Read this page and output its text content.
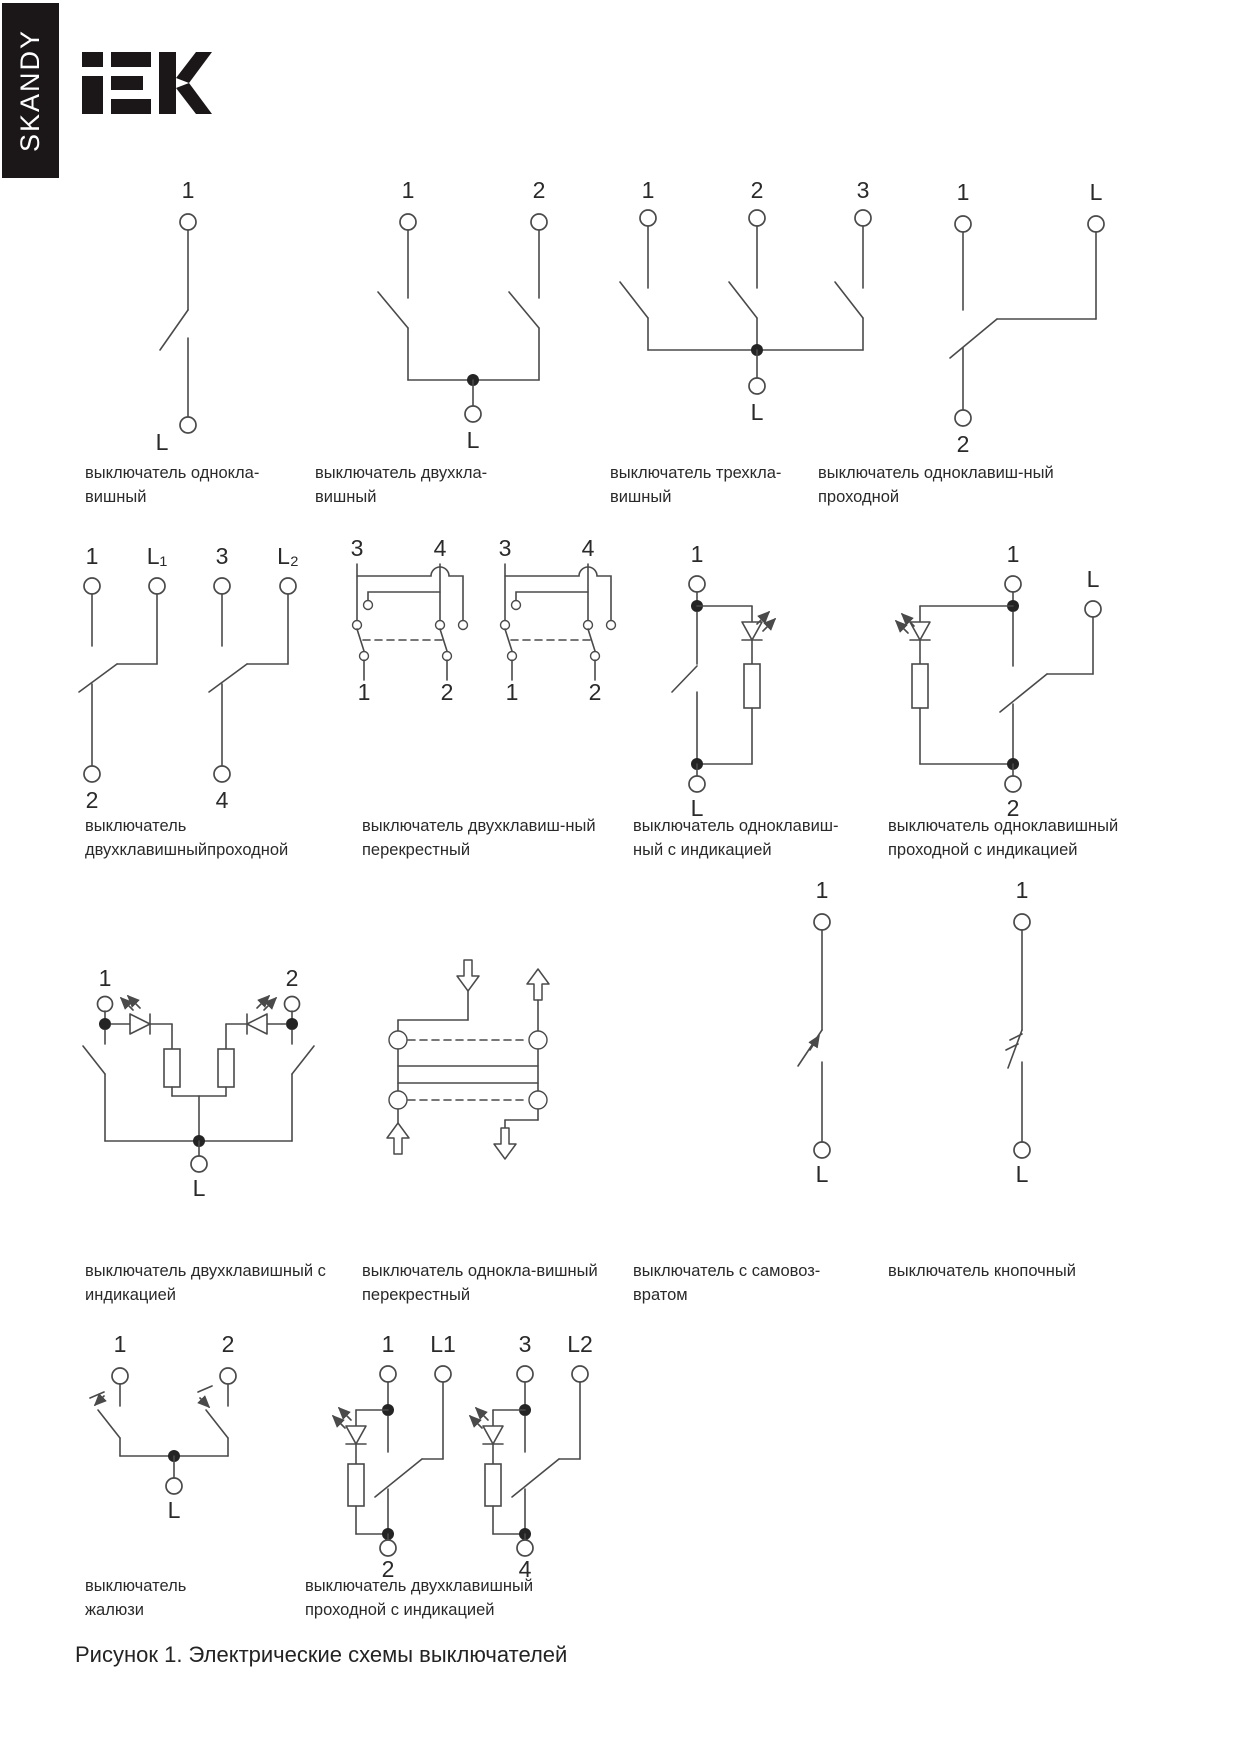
SKANDY
1
L
1	2
L
1	2	3
L
1	L
2
1 L₁ 3 L₂
2	4
3	4
1	2
3	4
1	2
1
L
1
L
2
1	2
L
1
L
1
L
1	2
L
1 L1
2
3 L2
4
выключатель однокла-вишный
выключатель двухкла-вишный
выключатель трехкла-вишный
выключатель одноклавиш-ный
проходной
выключатель
двухклавишныйпроходной
выключатель двухклавиш-ный
перекрестный
выключатель одноклавиш-
ный с индикацией
выключатель одноклавишный
проходной с индикацией
выключатель двухклавишный с
индикацией
выключатель однокла-вишный
перекрестный
выключатель с самовоз-
вратом
выключатель кнопочный
выключатель
жалюзи
выключатель двухклавишный
проходной с индикацией
Рисунок 1. Электрические схемы выключателей
